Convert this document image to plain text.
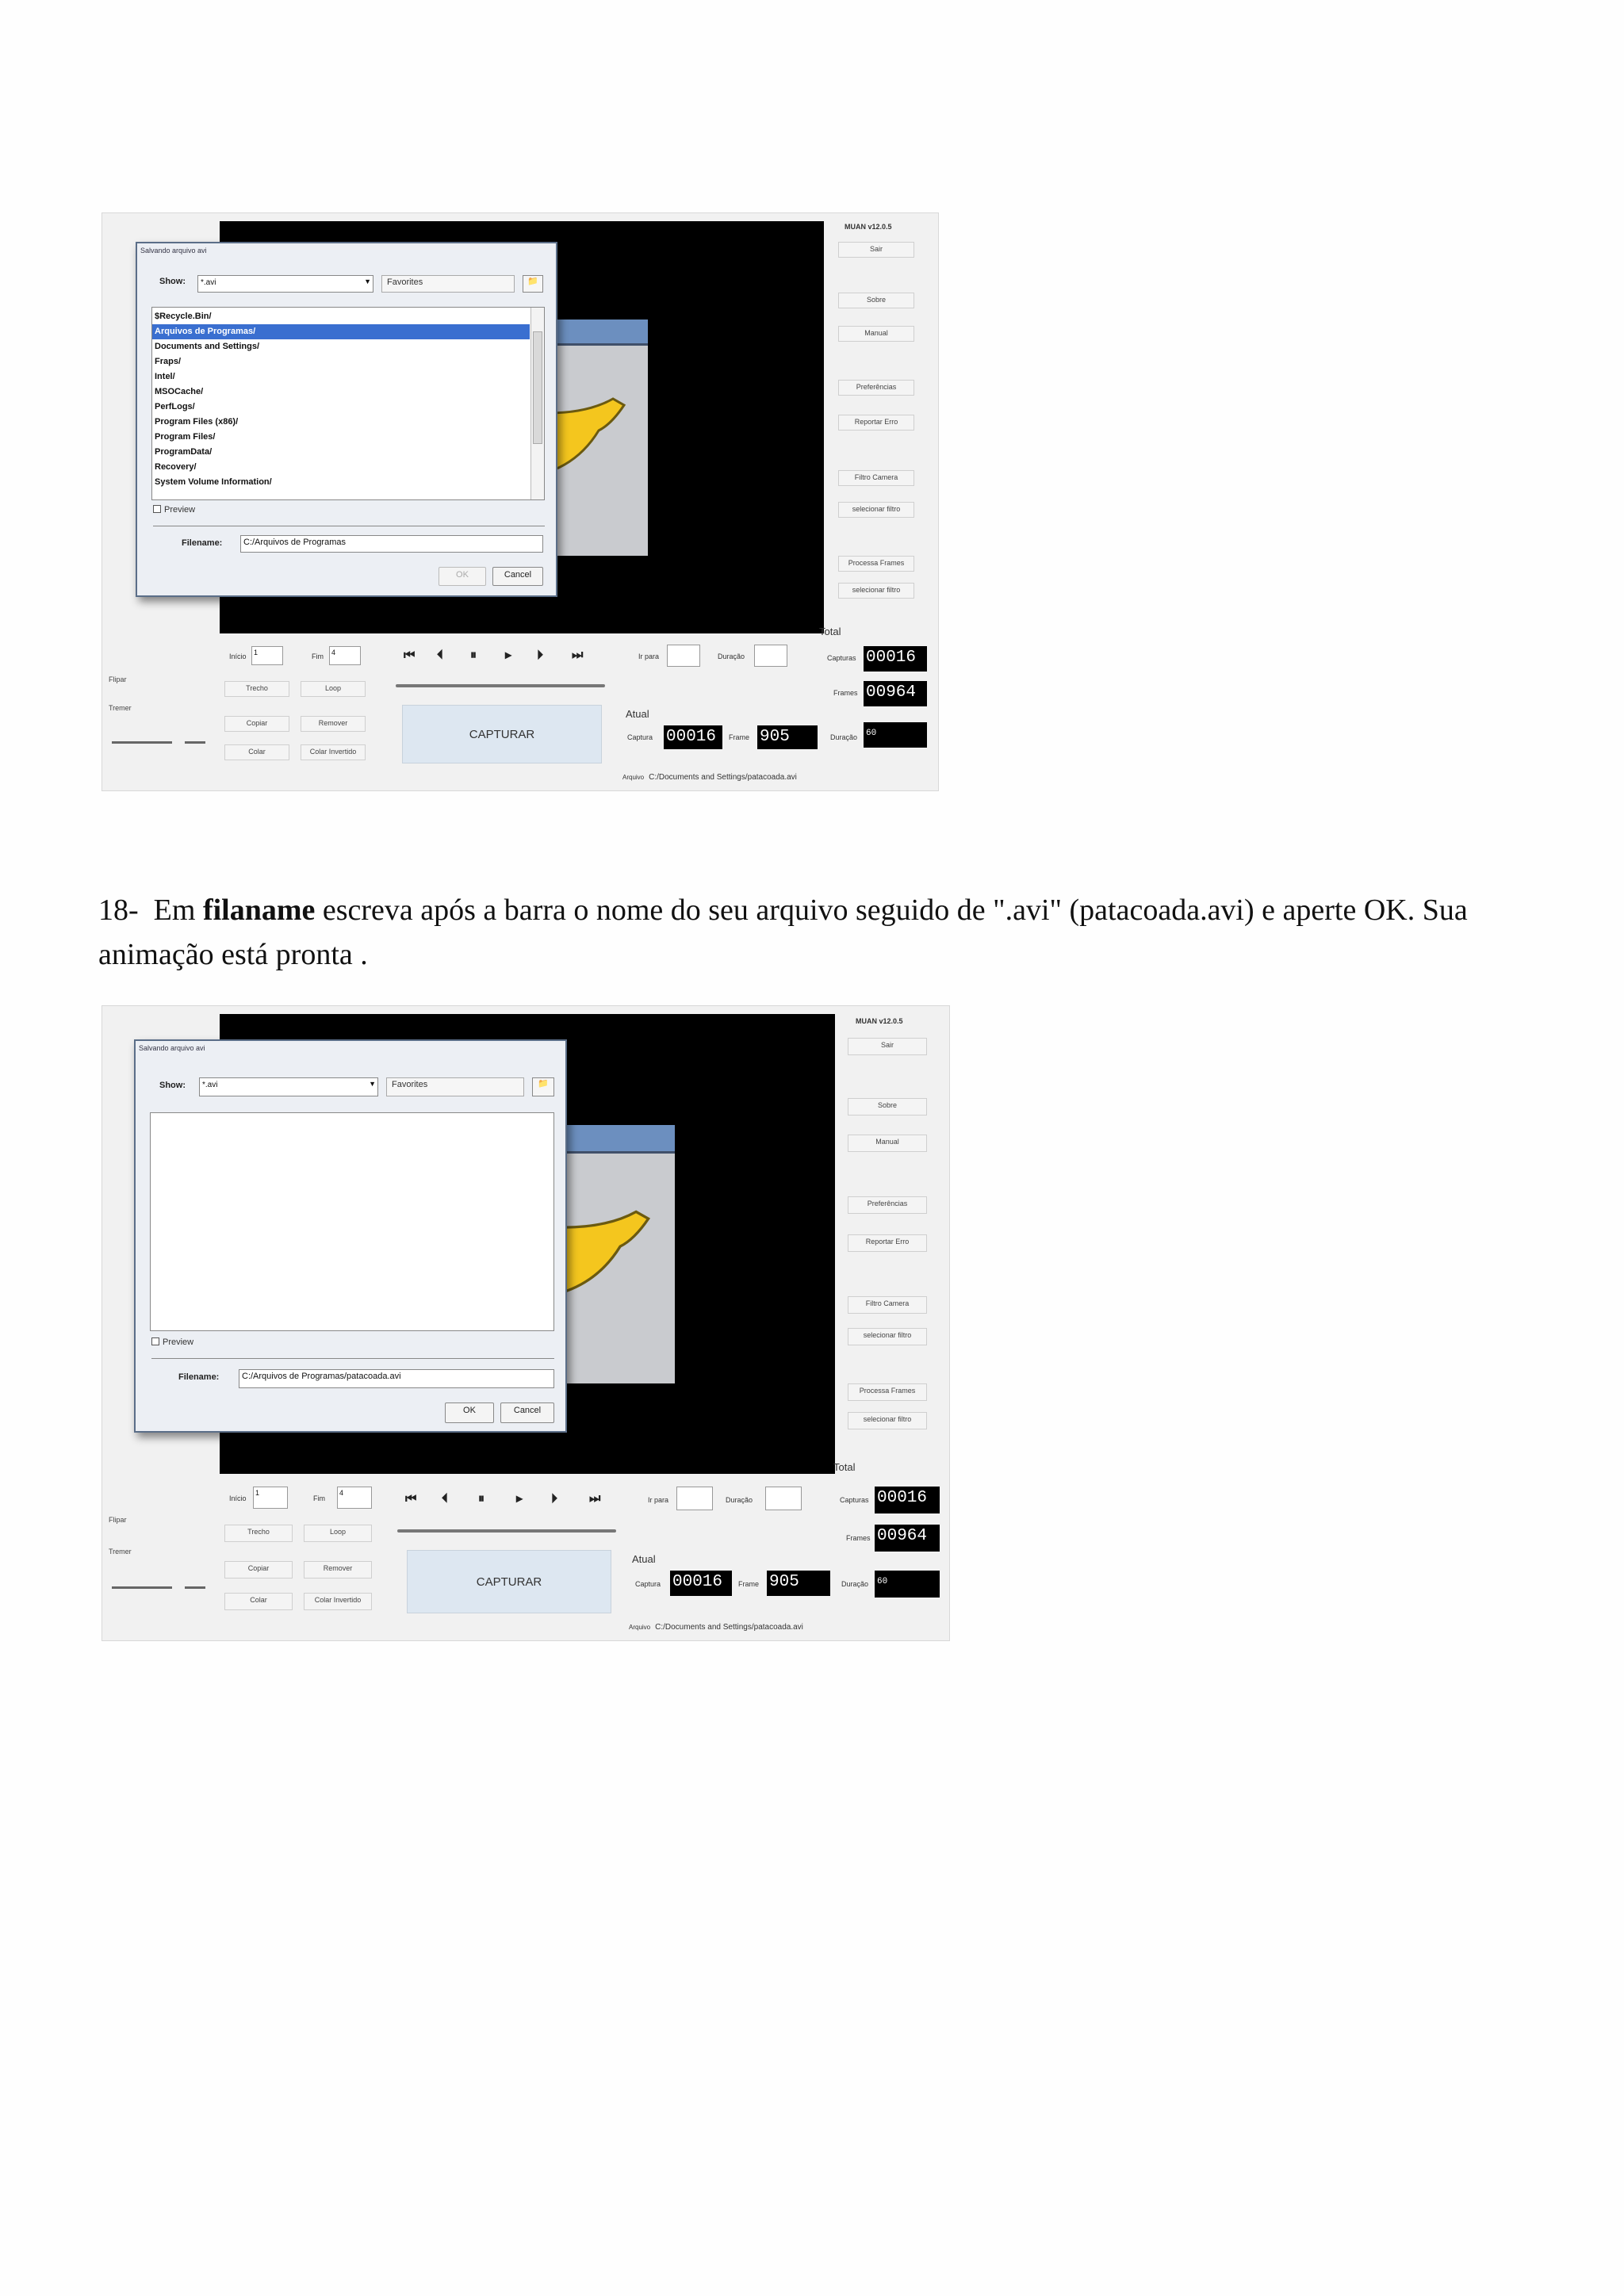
MUAN v12.0.5
Sair
Sobre
Manual
Preferências
Reportar Erro
Filtro Camera
selecionar filtro
Processa Frames
selecionar filtro
Início	1	Fim	4
Trecho	Loop
Copiar	Remover
Colar	Colar Invertido
Flipar
Tremer
⏮ ⏴ ⏸ ▸ ⏵ ⏭
CAPTURAR
Ir para	Duração
Total
Capturas 00016
Frames 00964
Duração 60
Atual
Captura 00016	Frame 905
Arquivo C:/Documents and Settings/patacoada.avi
Salvando arquivo avi
Show:	*.avi	▼	Favorites	📁
$Recycle.Bin/
Arquivos de Programas/
Documents and Settings/
Fraps/
Intel/
MSOCache/
PerfLogs/
Program Files (x86)/
Program Files/
ProgramData/
Recovery/
System Volume Information/
Preview
Filename:	C:/Arquivos de Programas
OK	Cancel
18- Em filaname escreva após a barra o nome do seu arquivo seguido de ".avi" (patacoada.avi) e aperte OK. Sua animação está pronta .
MUAN v12.0.5
Sair
Sobre
Manual
Preferências
Reportar Erro
Filtro Camera
selecionar filtro
Processa Frames
selecionar filtro
Início
1
Fim
4
Trecho	Loop
Copiar	Remover
Colar	Colar Invertido
Flipar
Tremer
⏮ ⏴ ⏸ ▸ ⏵ ⏭
CAPTURAR
Ir para	Duração
Total
Capturas 00016
Frames 00964
Duração 60
Atual
Captura 00016	Frame 905
Arquivo C:/Documents and Settings/patacoada.avi
Salvando arquivo avi
Show:	*.avi	▼	Favorites	📁
Preview
Filename:	C:/Arquivos de Programas/patacoada.avi
OK	Cancel
